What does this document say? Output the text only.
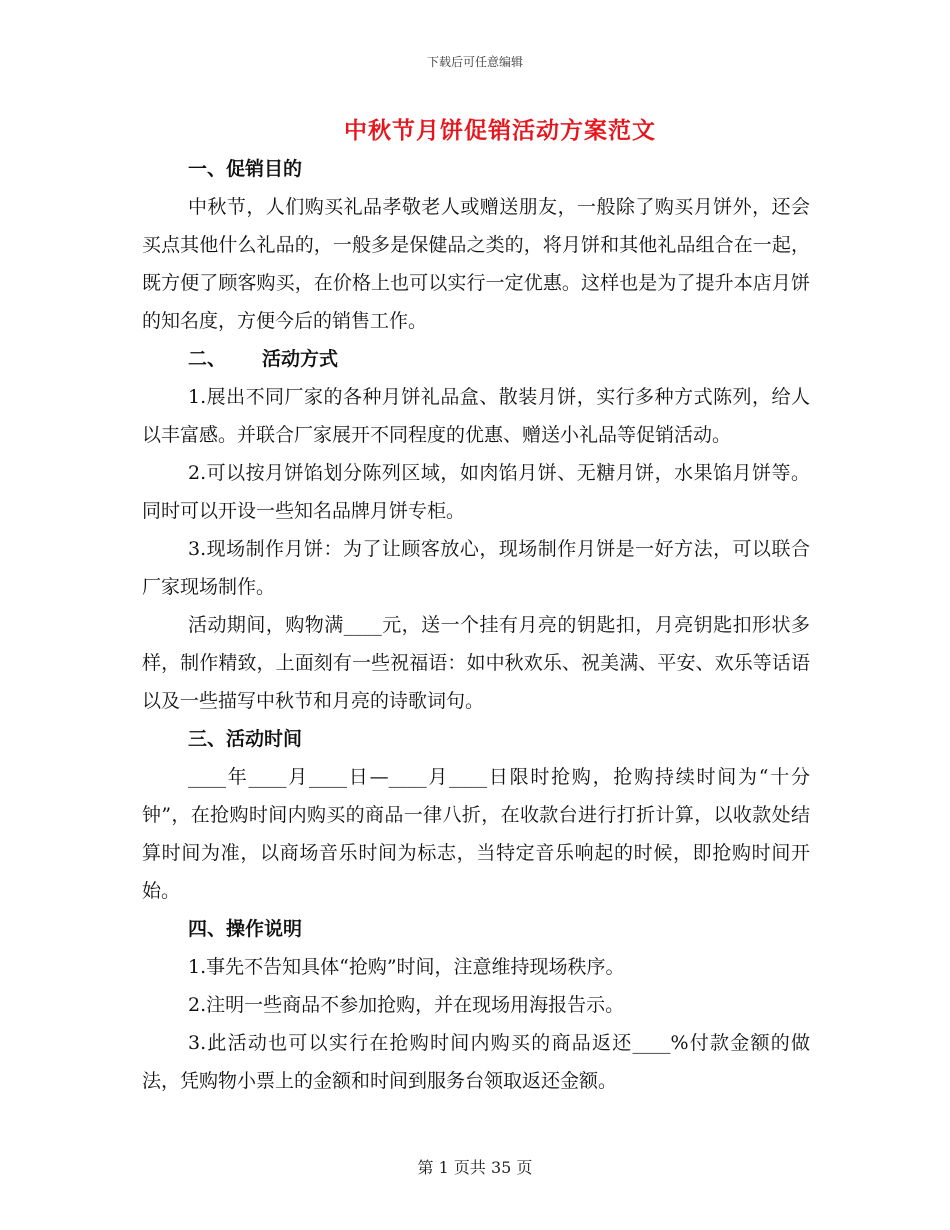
下载后可任意编辑
中秋节月饼促销活动方案范文

一、促销目的

中秋节，人们购买礼品孝敬老人或赠送朋友，一般除了购买月饼外，还会买点其他什么礼品的，一般多是保健品之类的，将月饼和其他礼品组合在一起，既方便了顾客购买，在价格上也可以实行一定优惠。这样也是为了提升本店月饼的知名度，方便今后的销售工作。

二、 活动方式

1.展出不同厂家的各种月饼礼品盒、散装月饼，实行多种方式陈列，给人以丰富感。并联合厂家展开不同程度的优惠、赠送小礼品等促销活动。

2.可以按月饼馅划分陈列区域，如肉馅月饼、无糖月饼，水果馅月饼等。同时可以开设一些知名品牌月饼专柜。

3.现场制作月饼：为了让顾客放心，现场制作月饼是一好方法，可以联合厂家现场制作。

活动期间，购物满____元，送一个挂有月亮的钥匙扣，月亮钥匙扣形状多样，制作精致，上面刻有一些祝福语：如中秋欢乐、祝美满、平安、欢乐等话语以及一些描写中秋节和月亮的诗歌词句。

三、活动时间

____年____月____日—____月____日限时抢购，抢购持续时间为“十分钟”，在抢购时间内购买的商品一律八折，在收款台进行打折计算，以收款处结算时间为准，以商场音乐时间为标志，当特定音乐响起的时候，即抢购时间开始。

四、操作说明

1.事先不告知具体“抢购”时间，注意维持现场秩序。

2.注明一些商品不参加抢购，并在现场用海报告示。

3.此活动也可以实行在抢购时间内购买的商品返还____%付款金额的做法，凭购物小票上的金额和时间到服务台领取返还金额。

第 1 页共 35 页
